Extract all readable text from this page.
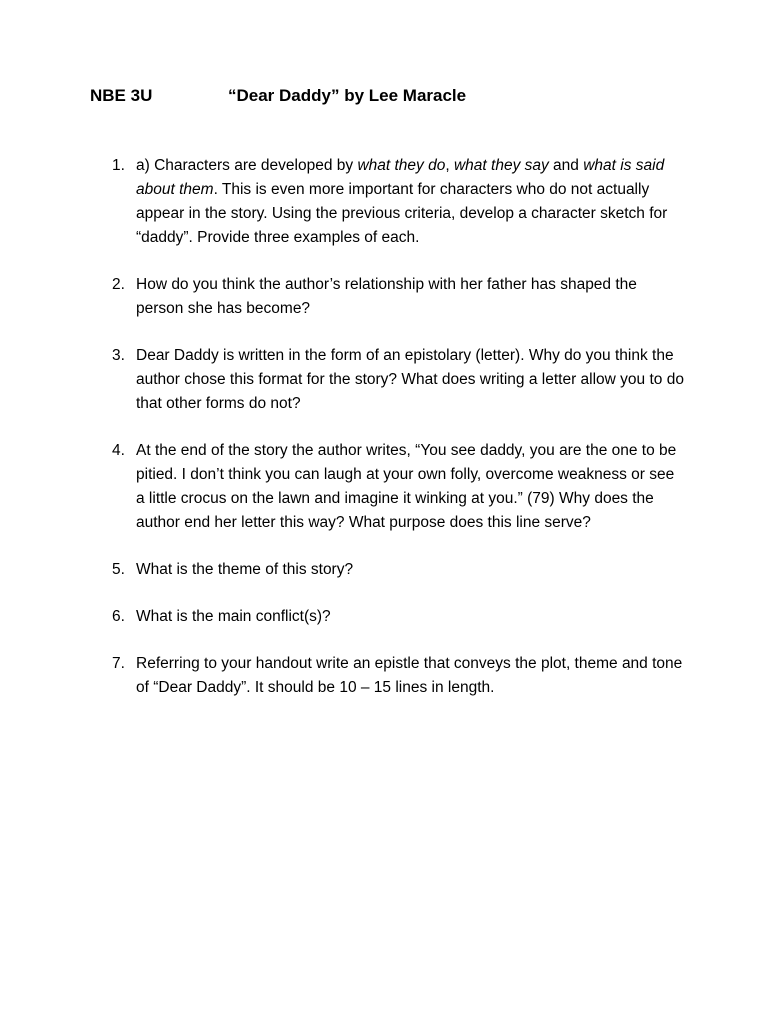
NBE 3U	“Dear Daddy” by Lee Maracle
1. a) Characters are developed by what they do, what they say and what is said about them. This is even more important for characters who do not actually appear in the story. Using the previous criteria, develop a character sketch for “daddy”. Provide three examples of each.
2. How do you think the author’s relationship with her father has shaped the person she has become?
3. Dear Daddy is written in the form of an epistolary (letter). Why do you think the author chose this format for the story? What does writing a letter allow you to do that other forms do not?
4. At the end of the story the author writes, “You see daddy, you are the one to be pitied. I don’t think you can laugh at your own folly, overcome weakness or see a little crocus on the lawn and imagine it winking at you.” (79) Why does the author end her letter this way? What purpose does this line serve?
5. What is the theme of this story?
6. What is the main conflict(s)?
7. Referring to your handout write an epistle that conveys the plot, theme and tone of “Dear Daddy”. It should be 10 – 15 lines in length.
